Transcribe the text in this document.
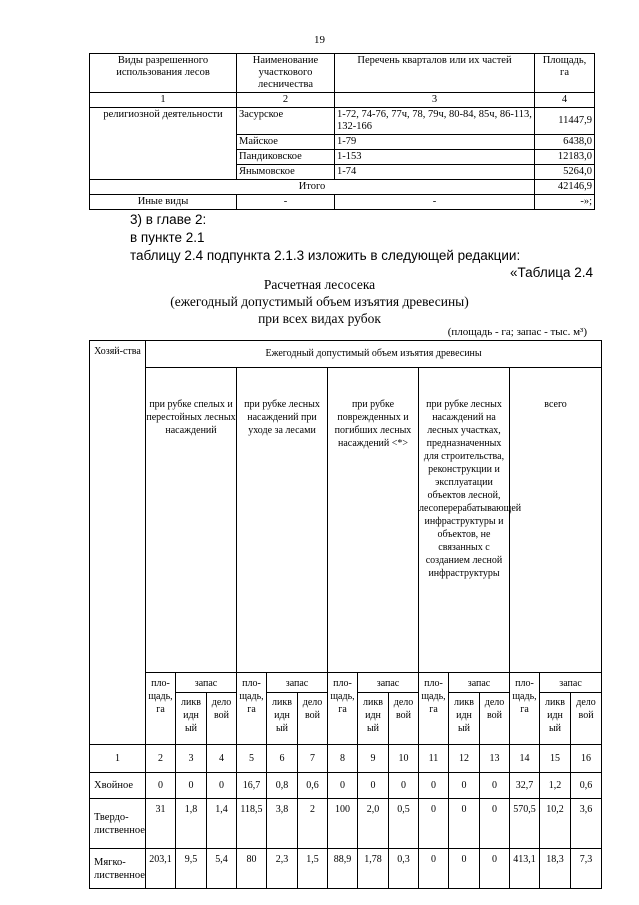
19
Виды разрешенного использования лесов	Наименование участкового лесничества	Перечень кварталов или их частей	Площадь, га
1	2	3	4
религиозной деятельности	Засурское	1-72, 74-76, 77ч, 78, 79ч, 80-84, 85ч, 86-113, 132-166	11447,9
	Майское	1-79	6438,0
	Пандиковское	1-153	12183,0
	Янымовское	1-74	5264,0
Итого			42146,9
Иные виды	-	-	-»;
3) в главе 2:
в пункте 2.1
таблицу 2.4 подпункта 2.1.3 изложить в следующей редакции:
«Таблица 2.4
Расчетная лесосека
(ежегодный допустимый объем изъятия древесины)
при всех видах рубок
(площадь - га; запас - тыс. м³)
Хозяй-ства	Ежегодный допустимый объем изъятия древесины														
	при рубке спелых и перестойных лесных насаждений			при рубке лесных насаждений при уходе за лесами			при рубке поврежденных и погибших лесных насаждений <*>			при рубке лесных насаждений на лесных участках, предназначенных для строительства, реконструкции и эксплуатации объектов лесной, лесоперерабатывающей инфраструктуры и объектов, не связанных с созданием лесной инфраструктуры			всего		
	пло-щадь, га	запас		пло-щадь, га	запас		пло-щадь, га	запас		пло-щадь, га	запас		пло-щадь, га	запас	
		ликв идн ый	дело вой		ликв идн ый	дело вой		ликв идн ый	дело вой		ликв идн ый	дело вой		ликв идн ый	дело вой
1	2	3	4	5	6	7	8	9	10	11	12	13	14	15	16
Хвойное	0	0	0	16,7	0,8	0,6	0	0	0	0	0	0	32,7	1,2	0,6
Твердо-лиственное	31	1,8	1,4	118,5	3,8	2	100	2,0	0,5	0	0	0	570,5	10,2	3,6
Мягко-лиственное	203,1	9,5	5,4	80	2,3	1,5	88,9	1,78	0,3	0	0	0	413,1	18,3	7,3
